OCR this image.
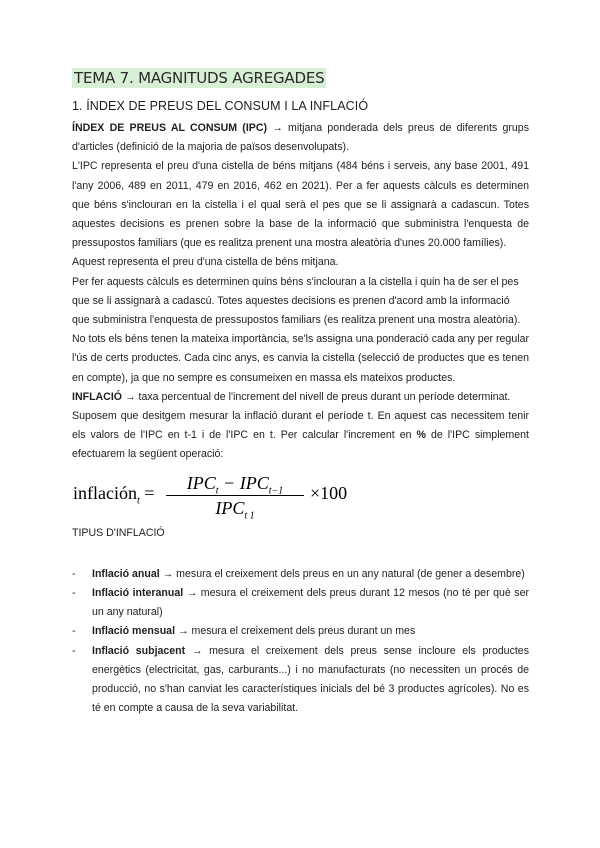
TEMA 7. MAGNITUDS AGREGADES
1. ÍNDEX DE PREUS DEL CONSUM I LA INFLACIÓ

ÍNDEX DE PREUS AL CONSUM (IPC) → mitjana ponderada dels preus de diferents grups d'articles (definició de la majoria de països desenvolupats).

L'IPC representa el preu d'una cistella de béns mitjans (484 béns i serveis, any base 2001, 491 l'any 2006, 489 en 2011, 479 en 2016, 462 en 2021). Per a fer aquests càlculs es determinen que béns s'inclouran en la cistella i el qual serà el pes que se li assignarà a cadascun. Totes aquestes decisions es prenen sobre la base de la informació que subministra l'enquesta de pressupostos familiars (que es realitza prenent una mostra aleatòria d'unes 20.000 famílies).

Aquest representa el preu d'una cistella de béns mitjana.

Per fer aquests càlculs es determinen quins béns s'inclouran a la cistella i quin ha de ser el pes que se li assignarà a cadascú. Totes aquestes decisions es prenen d'acord amb la informació que subministra l'enquesta de pressupostos familiars (es realitza prenent una mostra aleatòria).

No tots els béns tenen la mateixa importància, se'ls assigna una ponderació cada any per regular l'ús de certs productes. Cada cinc anys, es canvia la cistella (selecció de productes que es tenen en compte), ja que no sempre es consumeixen en massa els mateixos productes.

INFLACIÓ → taxa percentual de l'increment del nivell de preus durant un període determinat.

Suposem que desitgem mesurar la inflació durant el període t. En aquest cas necessitem tenir els valors de l'IPC en t-1 i de l'IPC en t. Per calcular l'increment en % de l'IPC simplement efectuarem la següent operació:

inflación$_t$ =	$IPC_t - IPC_{t-1}$
$IPC_{t 1}$
×100

TIPUS D'INFLACIÓ

- Inflació anual → mesura el creixement dels preus en un any natural (de gener a desembre)
- Inflació interanual → mesura el creixement dels preus durant 12 mesos (no té per què ser un any natural)
- Inflació mensual → mesura el creixement dels preus durant un mes
- Inflació subjacent → mesura el creixement dels preus sense incloure els productes energètics (electricitat, gas, carburants...) i no manufacturats (no necessiten un procés de producció, no s'han canviat les característiques inicials del bé 3 productes agrícoles). No es té en compte a causa de la seva variabilitat.
